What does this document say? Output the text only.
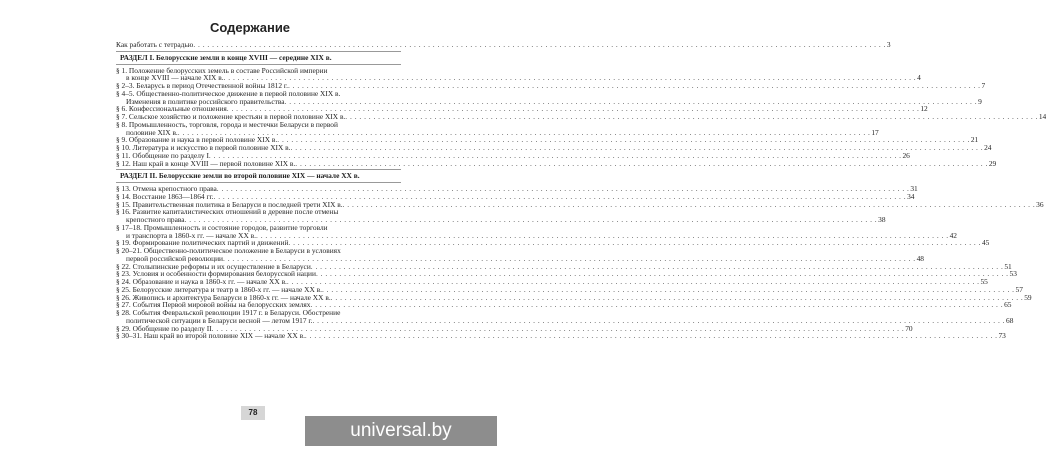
Содержание
Как работать с тетрадью . . .	3
РАЗДЕЛ I. Белорусские земли в конце XVIII — середине XIX в.
§ 1. Положение белорусских земель в составе Российской империи
в конце XVIII — начале XIX в. . . .	4
§ 2–3. Беларусь в период Отечественной войны 1812 г. . . .	7
§ 4–5. Общественно-политическое движение в первой половине XIX в.
Изменения в политике российского правительства . . .	9
§ 6. Конфессиональные отношения . . .	12
§ 7. Сельское хозяйство и положение крестьян в первой половине XIX в. . . .	14
§ 8. Промышленность, торговля, города и местечки Беларуси в первой
половине XIX в. . . .	17
§ 9. Образование и наука в первой половине XIX в. . . .	21
§ 10. Литература и искусство в первой половине XIX в. . . .	24
§ 11. Обобщение по разделу I . . .	26
§ 12. Наш край в конце XVIII — первой половине XIX в. . . .	29
РАЗДЕЛ II. Белорусские земли во второй половине XIX — начале XX в.
§ 13. Отмена крепостного права . . .	31
§ 14. Восстание 1863—1864 гг. . . .	34
§ 15. Правительственная политика в Беларуси в последней трети XIX в. . . .	36
§ 16. Развитие капиталистических отношений в деревне после отмены
крепостного права . . .	38
§ 17–18. Промышленность и состояние городов, развитие торговли
и транспорта в 1860-х гг. — начале XX в. . . .	42
§ 19. Формирование политических партий и движений . . .	45
§ 20–21. Общественно-политическое положение в Беларуси в условиях
первой российской революции . . .	48
§ 22. Столыпинские реформы и их осуществление в Беларуси . . .	51
§ 23. Условия и особенности формирования белорусской нации . . .	53
§ 24. Образование и наука в 1860-х гг. — начале XX в. . . .	55
§ 25. Белорусские литература и театр в 1860-х гг. — начале XX в. . . .	57
§ 26. Живопись и архитектура Беларуси в 1860-х гг. — начале XX в. . . .	59
§ 27. События Первой мировой войны на белорусских землях . . .	65
§ 28. События Февральской революции 1917 г. в Беларуси. Обострение
политической ситуации в Беларуси весной — летом 1917 г. . . .	68
§ 29. Обобщение по разделу II . . .	70
§ 30–31. Наш край во второй половине XIX — начале XX в. . . .	73
78
universal.by
